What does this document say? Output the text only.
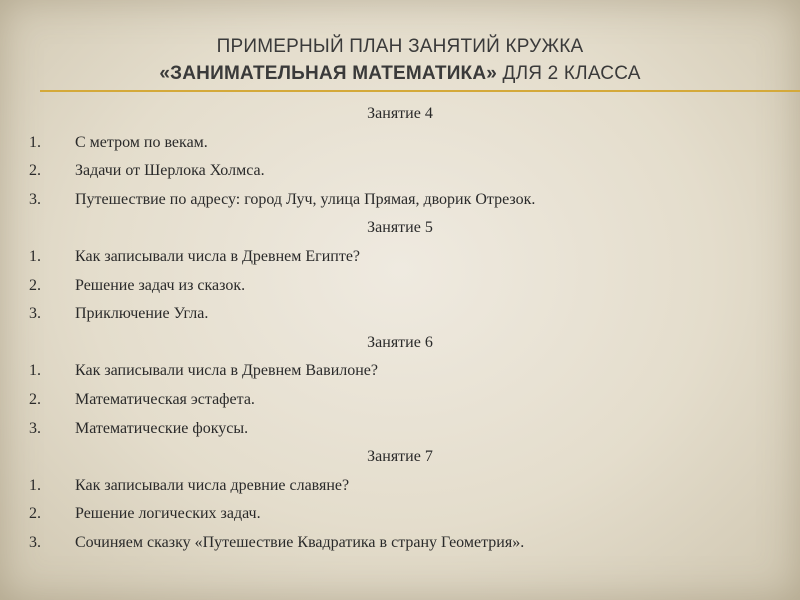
ПРИМЕРНЫЙ ПЛАН ЗАНЯТИЙ КРУЖКА
«ЗАНИМАТЕЛЬНАЯ МАТЕМАТИКА» ДЛЯ 2 КЛАССА
Занятие 4
1. С метром по векам.
2. Задачи от Шерлока Холмса.
3. Путешествие по адресу: город Луч, улица Прямая, дворик Отрезок.
Занятие 5
1. Как записывали числа в Древнем Египте?
2. Решение задач из сказок.
3. Приключение Угла.
Занятие 6
1. Как записывали числа в Древнем Вавилоне?
2. Математическая эстафета.
3. Математические фокусы.
Занятие 7
1. Как записывали числа древние славяне?
2. Решение логических задач.
3. Сочиняем сказку «Путешествие Квадратика в страну Геометрия».
